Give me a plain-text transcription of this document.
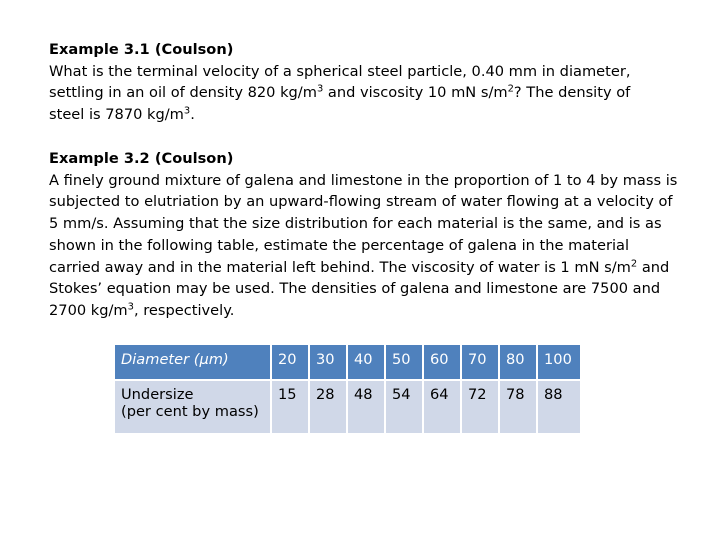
Example 3.1 (Coulson)
What is the terminal velocity of a spherical steel particle, 0.40 mm in diameter,
settling in an oil of density 820 $kg/m^3$ and viscosity 10 mN $s/m^2$? The density of
steel is 7870 $kg/m^3$.
Example 3.2 (Coulson)
A finely ground mixture of galena and limestone in the proportion of 1 to 4 by mass is
subjected to elutriation by an upward-flowing stream of water flowing at a velocity of
5 mm/s. Assuming that the size distribution for each material is the same, and is as
shown in the following table, estimate the percentage of galena in the material
carried away and in the material left behind. The viscosity of water is 1 mN $s/m^2$ and
Stokes’ equation may be used. The densities of galena and limestone are 7500 and
2700 $kg/m^3$, respectively.
Diameter (μm)	20	30	40	50	60	70	80	100

Undersize
(per cent by mass)	15	28	48	54	64	72	78	88
